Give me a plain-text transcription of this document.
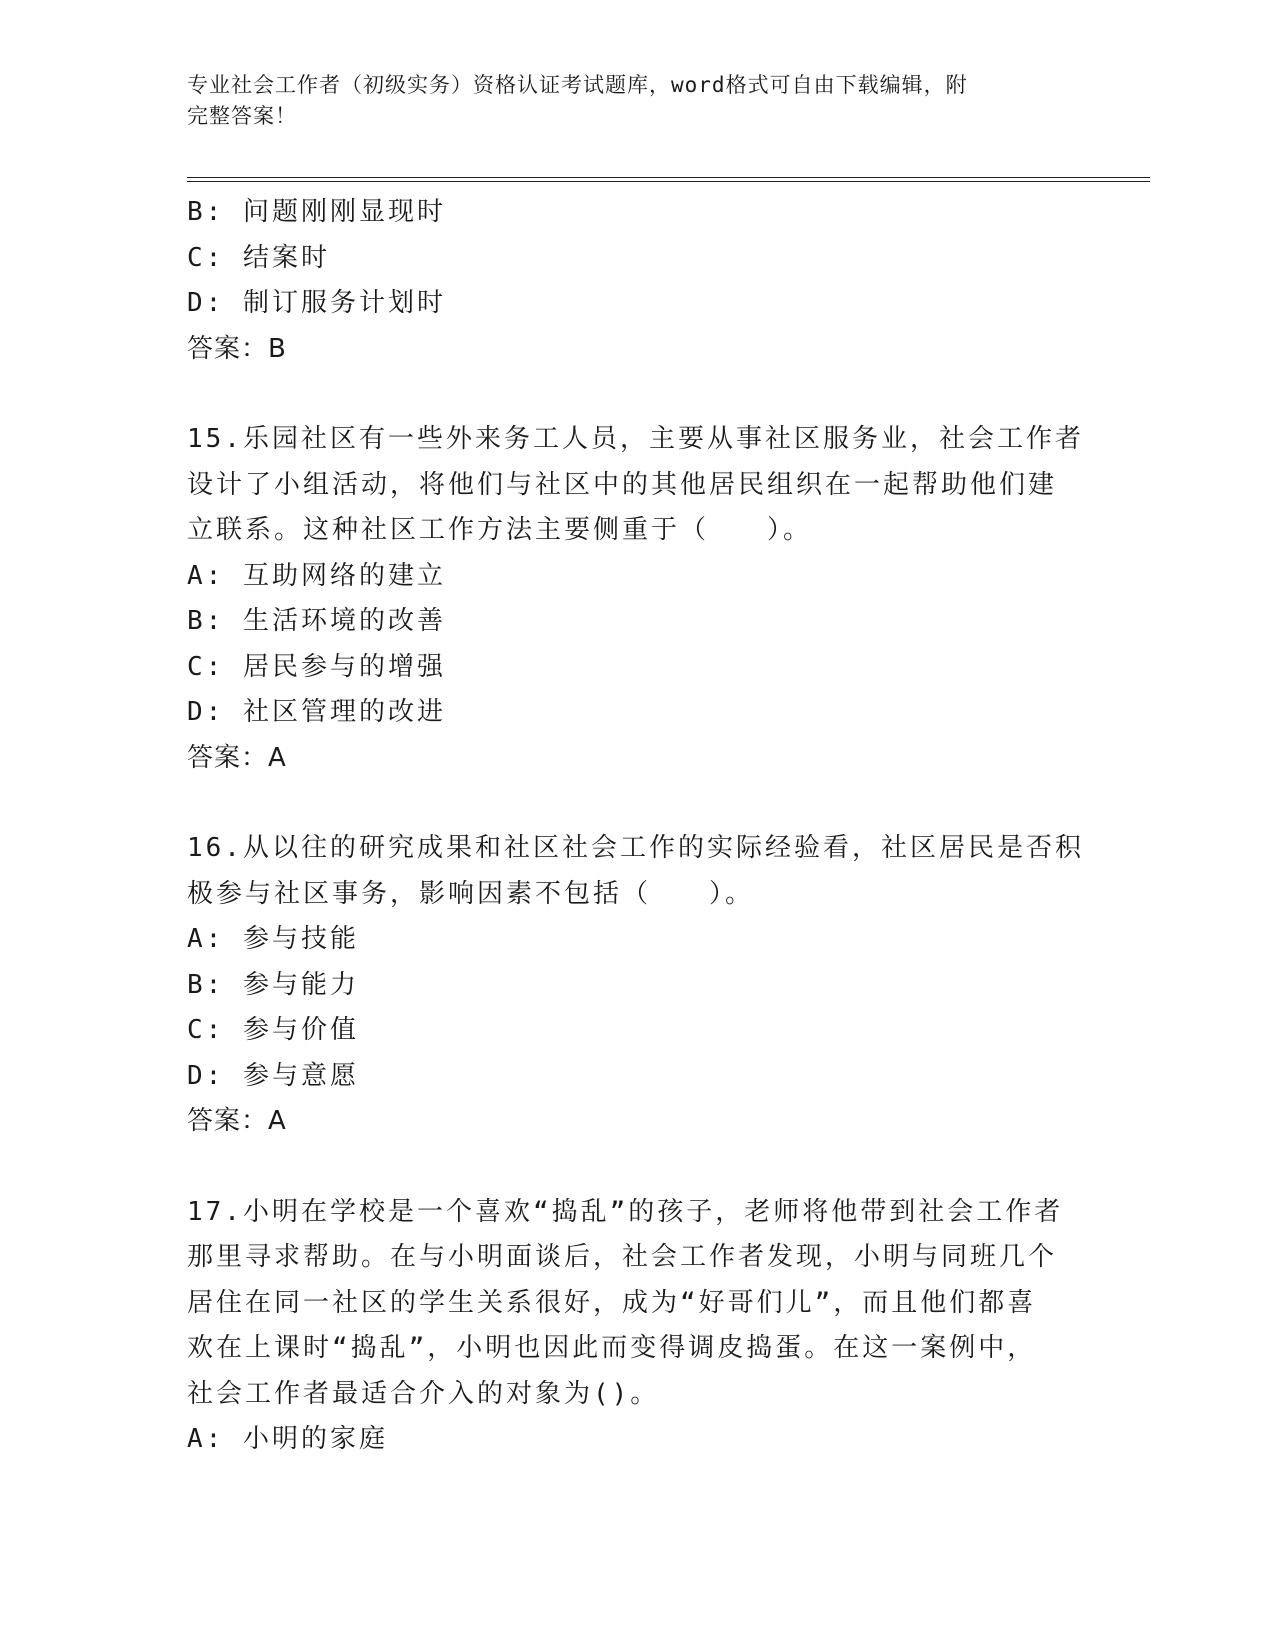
专业社会工作者（初级实务）资格认证考试题库，word格式可自由下载编辑，附
完整答案！
B: 问题刚刚显现时
C: 结案时
D: 制订服务计划时
答案：B
15.乐园社区有一些外来务工人员，主要从事社区服务业，社会工作者
设计了小组活动，将他们与社区中的其他居民组织在一起帮助他们建
立联系。这种社区工作方法主要侧重于（　　）。
A: 互助网络的建立
B: 生活环境的改善
C: 居民参与的增强
D: 社区管理的改进
答案：A
16.从以往的研究成果和社区社会工作的实际经验看，社区居民是否积
极参与社区事务，影响因素不包括（　　）。
A: 参与技能
B: 参与能力
C: 参与价值
D: 参与意愿
答案：A
17.小明在学校是一个喜欢“捣乱”的孩子，老师将他带到社会工作者
那里寻求帮助。在与小明面谈后，社会工作者发现，小明与同班几个
居住在同一社区的学生关系很好，成为“好哥们儿”，而且他们都喜
欢在上课时“捣乱”，小明也因此而变得调皮捣蛋。在这一案例中，
社会工作者最适合介入的对象为()。
A: 小明的家庭
